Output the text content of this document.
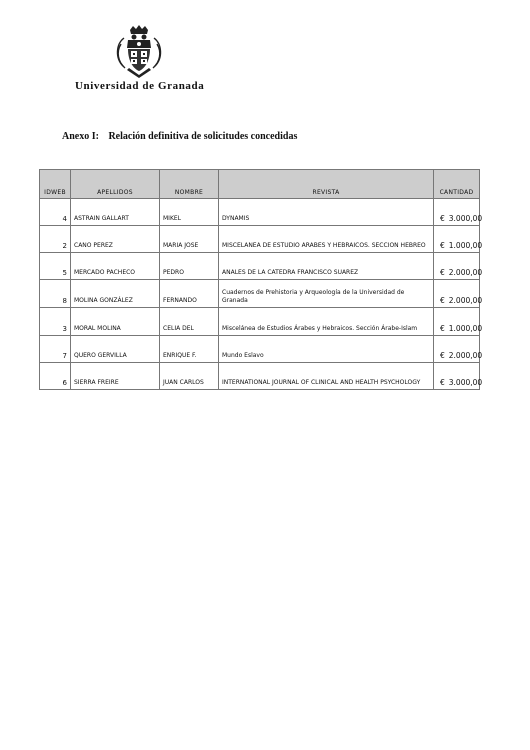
Universidad de Granada
Anexo I: Relación definitiva de solicitudes concedidas

IDWEB	APELLIDOS	NOMBRE	REVISTA	CANTIDAD
4	ASTRAIN GALLART	MIKEL	DYNAMIS	€ 3.000,00
2	CANO PEREZ	MARIA JOSE	MISCELANEA DE ESTUDIO ARABES Y HEBRAICOS. SECCION HEBREO	€ 1.000,00
5	MERCADO PACHECO	PEDRO	ANALES DE LA CATEDRA FRANCISCO SUAREZ	€ 2.000,00
8	MOLINA GONZÁLEZ	FERNANDO	Cuadernos de Prehistoria y Arqueología de la Universidad de Granada	€ 2.000,00
3	MORAL MOLINA	CELIA DEL	Miscelánea de Estudios Árabes y Hebraicos. Sección Árabe-Islam	€ 1.000,00
7	QUERO GERVILLA	ENRIQUE F.	Mundo Eslavo	€ 2.000,00
6	SIERRA FREIRE	JUAN CARLOS	INTERNATIONAL JOURNAL OF CLINICAL AND HEALTH PSYCHOLOGY	€ 3.000,00
